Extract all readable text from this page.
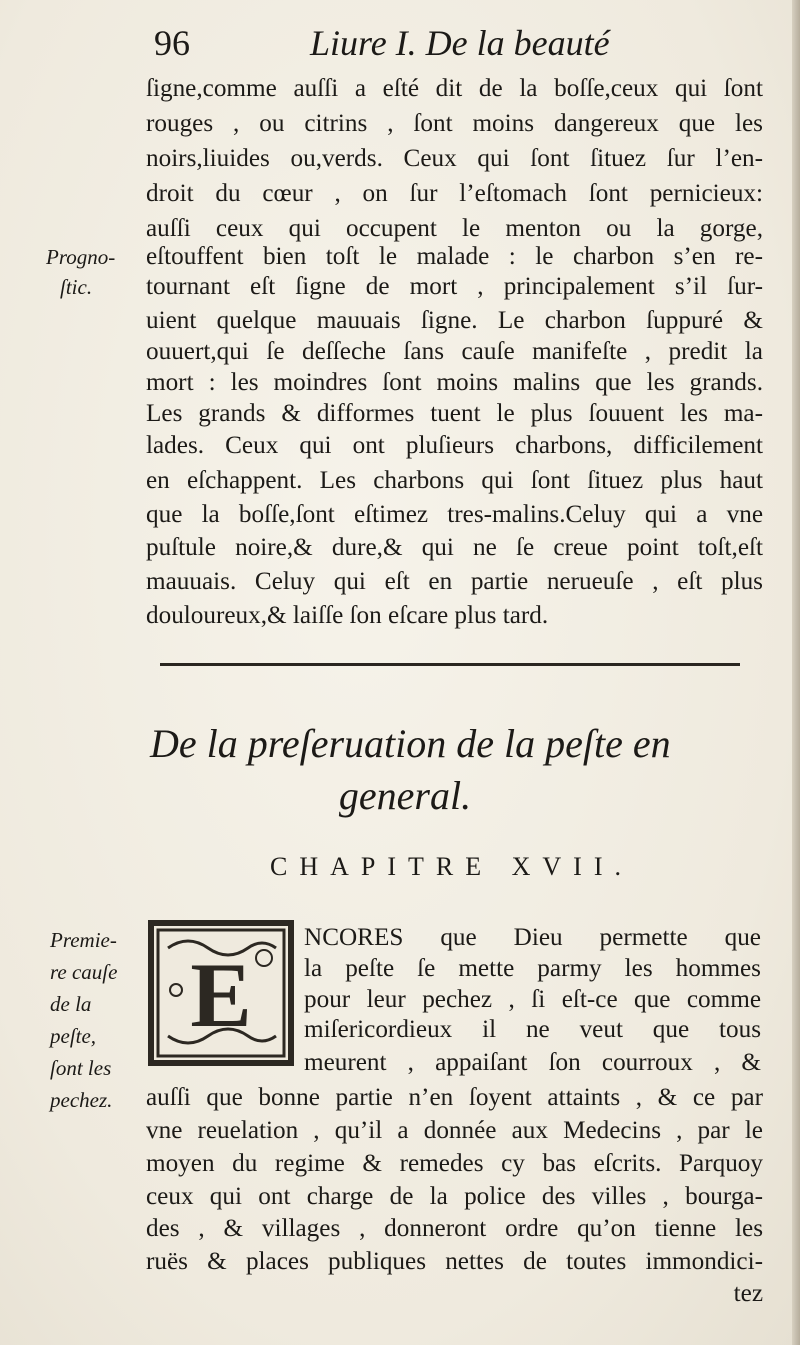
96	Liure I. De la beauté
ſigne,comme auſſi a eſté dit de la boſſe,ceux qui ſont
rouges , ou citrins , ſont moins dangereux que les
noirs,liuides ou,verds. Ceux qui ſont ſituez ſur l’en-
droit du cœur , on ſur l’eſtomach ſont pernicieux:
auſſi ceux qui occupent le menton ou la gorge,
eſtouffent bien toſt le malade : le charbon s’en re-
tournant eſt ſigne de mort , principalement s’il ſur-
uient quelque mauuais ſigne. Le charbon ſuppuré &
ouuert,qui ſe deſſeche ſans cauſe manifeſte , predit la
mort : les moindres ſont moins malins que les grands.
Les grands & difformes tuent le plus ſouuent les ma-
lades. Ceux qui ont pluſieurs charbons, difficilement
en eſchappent. Les charbons qui ſont ſituez plus haut
que la boſſe,ſont eſtimez tres-malins.Celuy qui a vne
puſtule noire,& dure,& qui ne ſe creue point toſt,eſt
mauuais. Celuy qui eſt en partie nerueuſe , eſt plus
douloureux,& laiſſe ſon eſcare plus tard.
Progno-
ſtic.
De la preſeruation de la peſte en
general.
CHAPITRE XVII.
E
NCORES que Dieu permette que
la peſte ſe mette parmy les hommes
pour leur pechez , ſi eſt-ce que comme
miſericordieux il ne veut que tous
meurent , appaiſant ſon courroux , &
auſſi que bonne partie n’en ſoyent attaints , & ce par
vne reuelation , qu’il a donnée aux Medecins , par le
moyen du regime & remedes cy bas eſcrits. Parquoy
ceux qui ont charge de la police des villes , bourga-
des , & villages , donneront ordre qu’on tienne les
ruës & places publiques nettes de toutes immondici-
tez
Premie-
re cauſe
de la
peſte,
ſont les
pechez.
